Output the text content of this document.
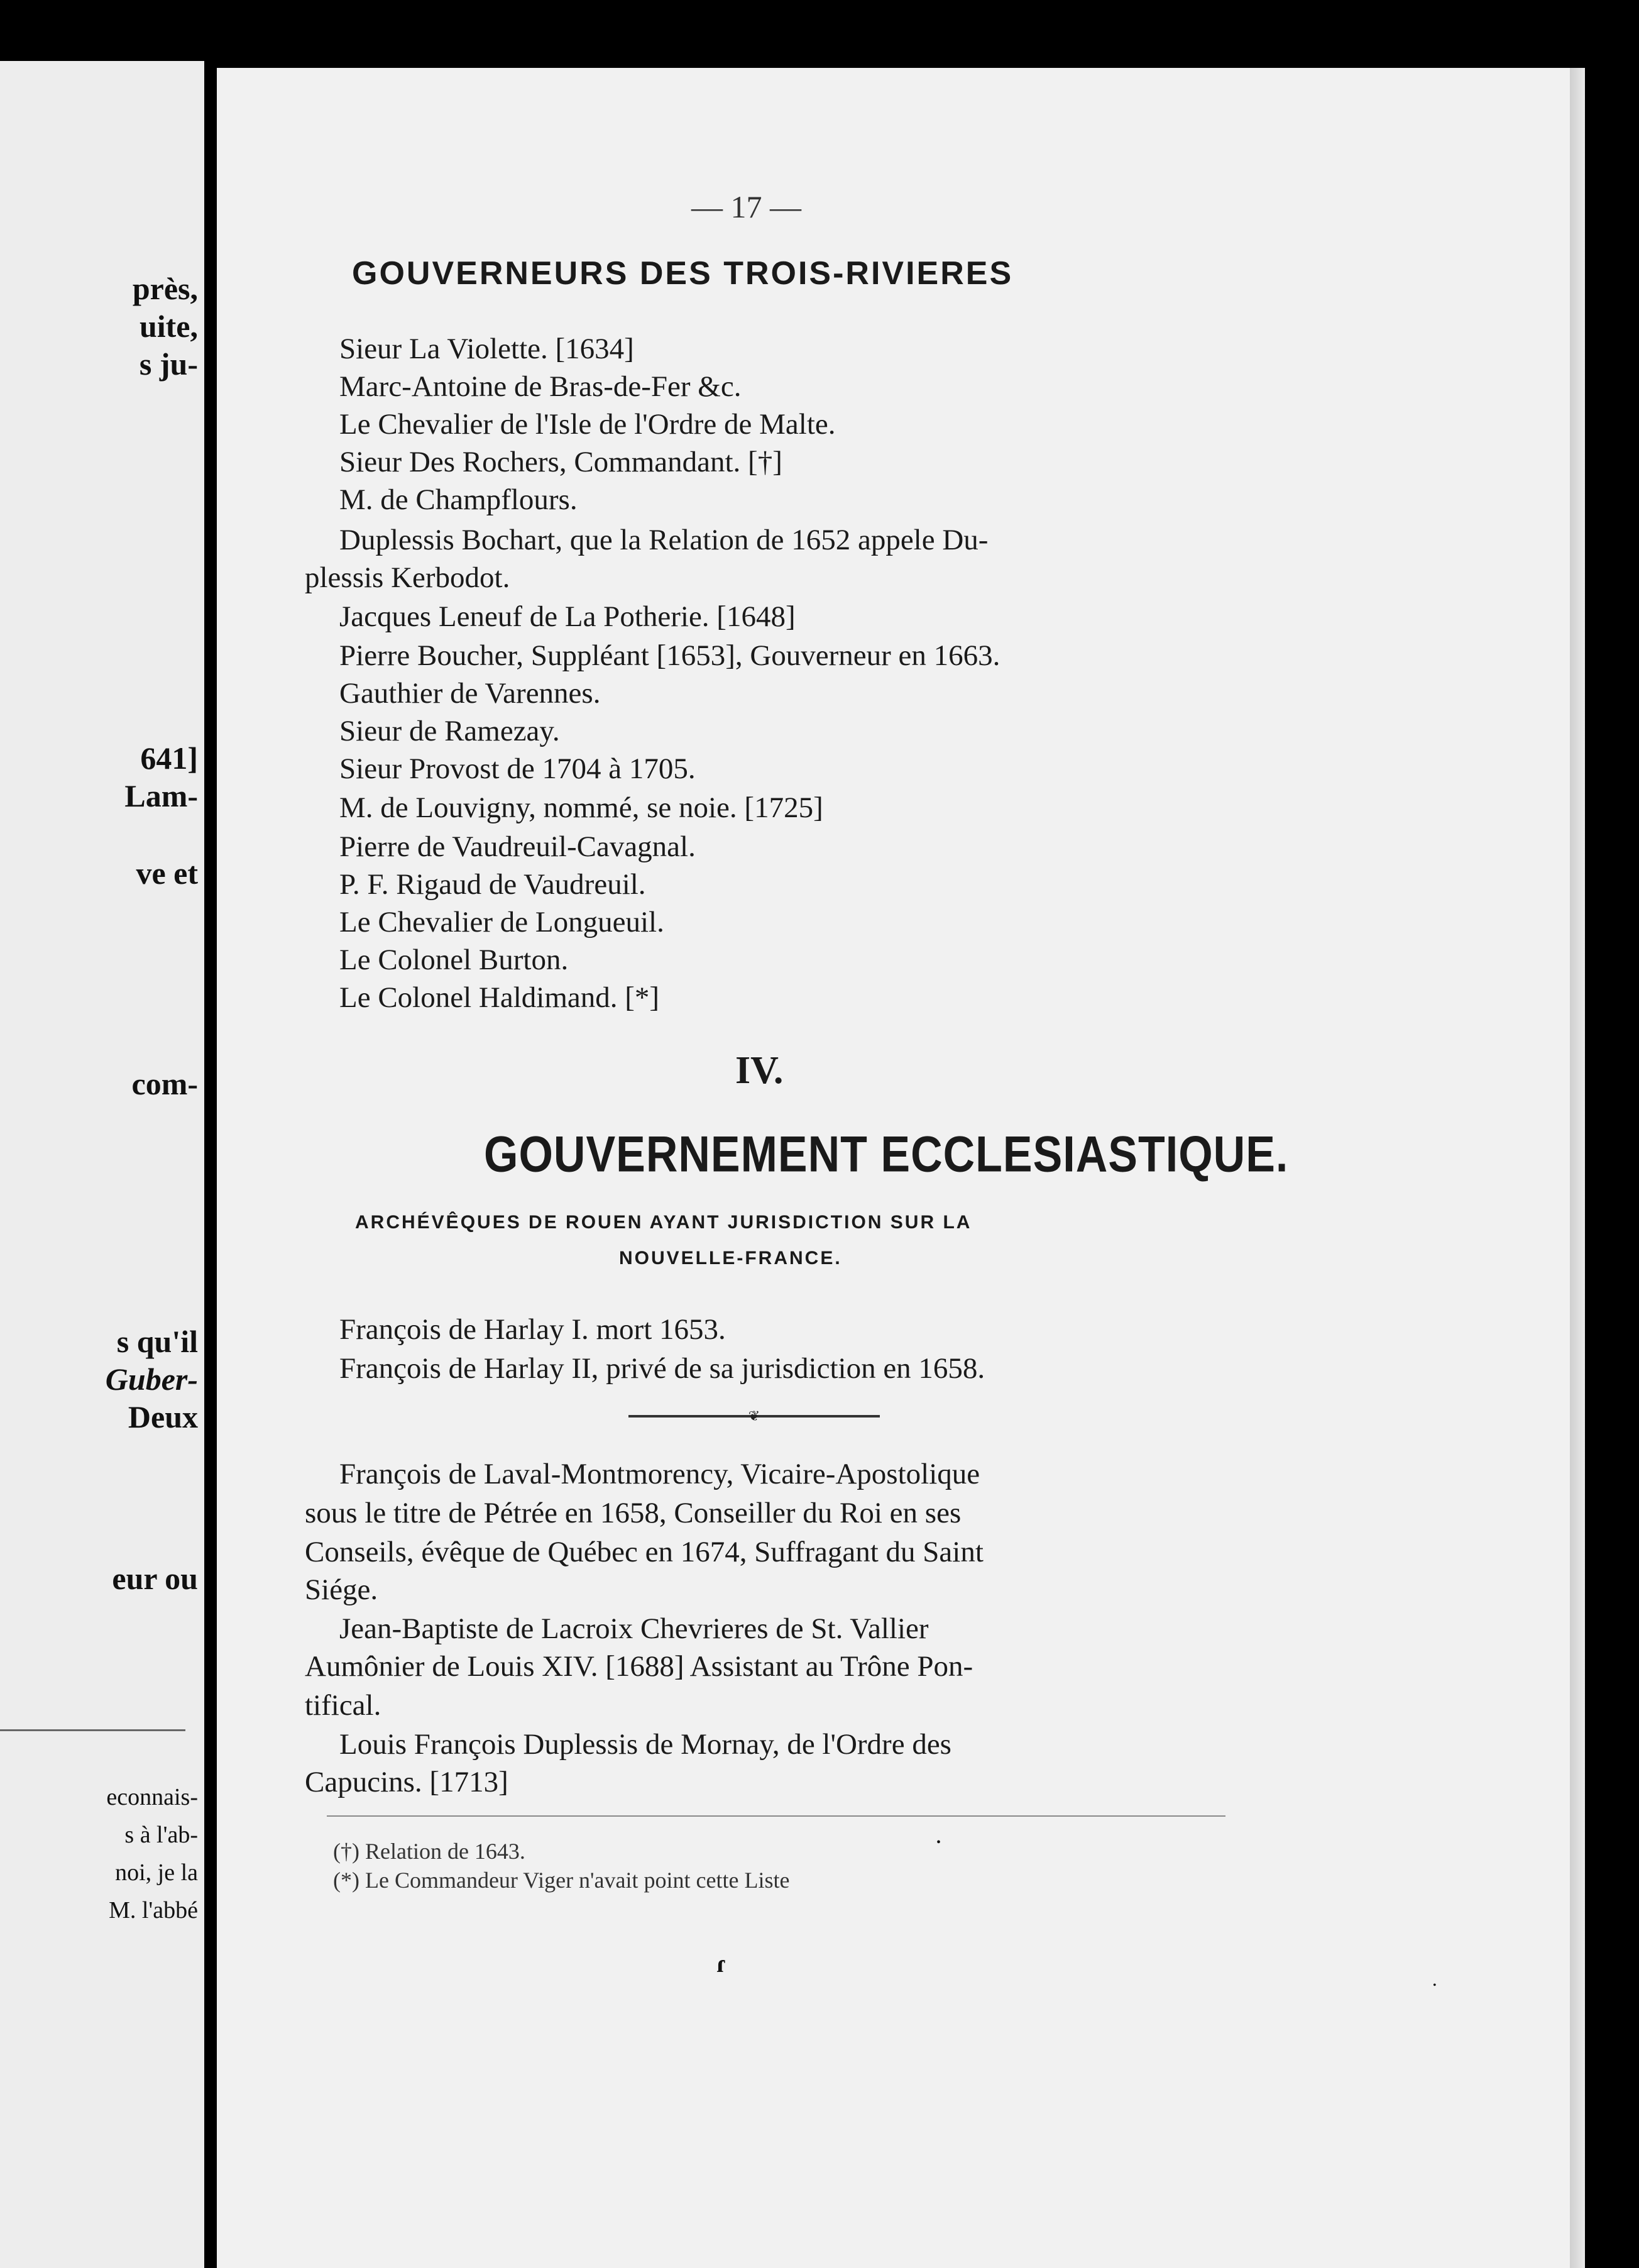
près,
uite,
s ju-
641]
Lam-
ve et
com-
s qu'il
Guber-
Deux
eur ou
econnais-
s à l'ab-
noi, je la
M. l'abbé
— 17 —
GOUVERNEURS DES TROIS-RIVIERES
Sieur La Violette. [1634]
Marc-Antoine de Bras-de-Fer &c.
Le Chevalier de l'Isle de l'Ordre de Malte.
Sieur Des Rochers, Commandant. [†]
M. de Champflours.
Duplessis Bochart, que la Relation de 1652 appele Du-
plessis Kerbodot.
Jacques Leneuf de La Potherie. [1648]
Pierre Boucher, Suppléant [1653], Gouverneur en 1663.
Gauthier de Varennes.
Sieur de Ramezay.
Sieur Provost de 1704 à 1705.
M. de Louvigny, nommé, se noie. [1725]
Pierre de Vaudreuil-Cavagnal.
P. F. Rigaud de Vaudreuil.
Le Chevalier de Longueuil.
Le Colonel Burton.
Le Colonel Haldimand. [*]
IV.
GOUVERNEMENT ECCLESIASTIQUE.
ARCHÉVÊQUES DE ROUEN AYANT JURISDICTION SUR LA
NOUVELLE-FRANCE.
François de Harlay I. mort 1653.
François de Harlay II, privé de sa jurisdiction en 1658.
❦
François de Laval-Montmorency, Vicaire-Apostolique
sous le titre de Pétrée en 1658, Conseiller du Roi en ses
Conseils, évêque de Québec en 1674, Suffragant du Saint
Siége.
Jean-Baptiste de Lacroix Chevrieres de St. Vallier
Aumônier de Louis XIV. [1688] Assistant au Trône Pon-
tifical.
Louis François Duplessis de Mornay, de l'Ordre des
Capucins. [1713]
(†) Relation de 1643.
(*) Le Commandeur Viger n'avait point cette Liste
ɾ
•
•
